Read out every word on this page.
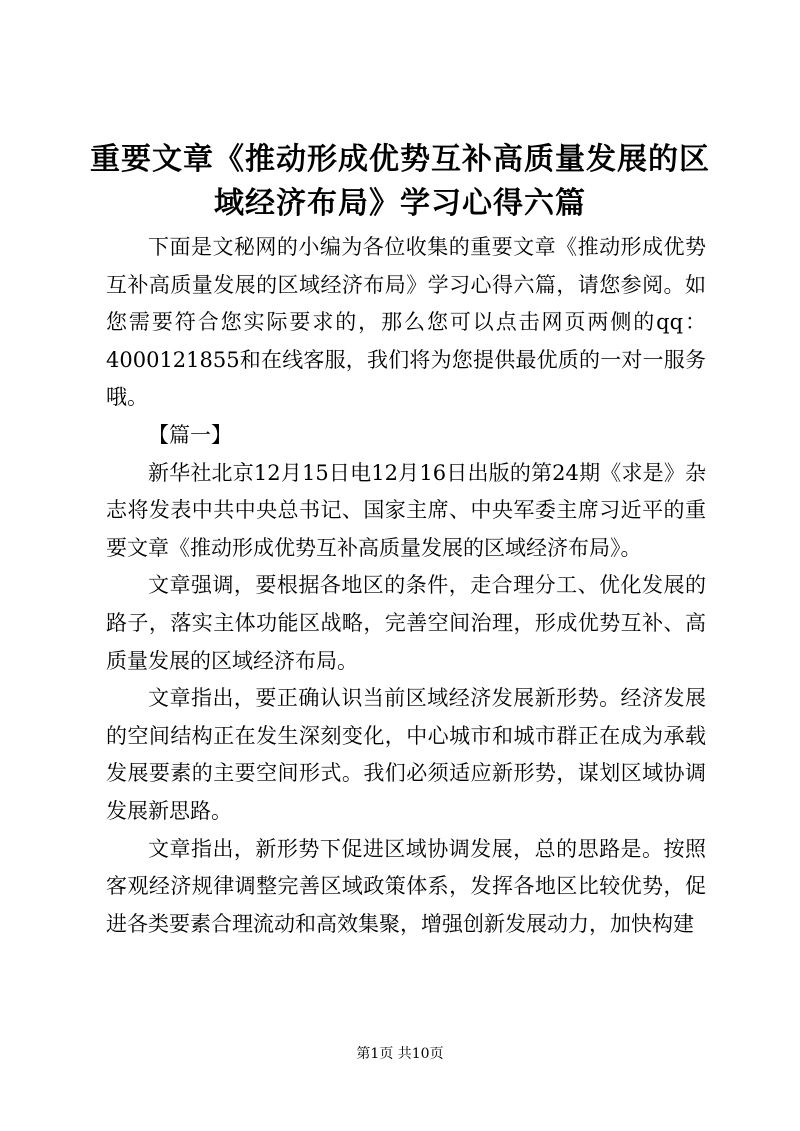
重要文章《推动形成优势互补高质量发展的区域经济布局》学习心得六篇

下面是文秘网的小编为各位收集的重要文章《推动形成优势互补高质量发展的区域经济布局》学习心得六篇，请您参阅。如您需要符合您实际要求的，那么您可以点击网页两侧的qq：4000121855和在线客服，我们将为您提供最优质的一对一服务哦。

【篇一】

新华社北京12月15日电12月16日出版的第24期《求是》杂志将发表中共中央总书记、国家主席、中央军委主席习近平的重要文章《推动形成优势互补高质量发展的区域经济布局》。

文章强调，要根据各地区的条件，走合理分工、优化发展的路子，落实主体功能区战略，完善空间治理，形成优势互补、高质量发展的区域经济布局。

文章指出，要正确认识当前区域经济发展新形势。经济发展的空间结构正在发生深刻变化，中心城市和城市群正在成为承载发展要素的主要空间形式。我们必须适应新形势，谋划区域协调发展新思路。

文章指出，新形势下促进区域协调发展，总的思路是。按照客观经济规律调整完善区域政策体系，发挥各地区比较优势，促进各类要素合理流动和高效集聚，增强创新发展动力，加快构建

第1页 共10页
